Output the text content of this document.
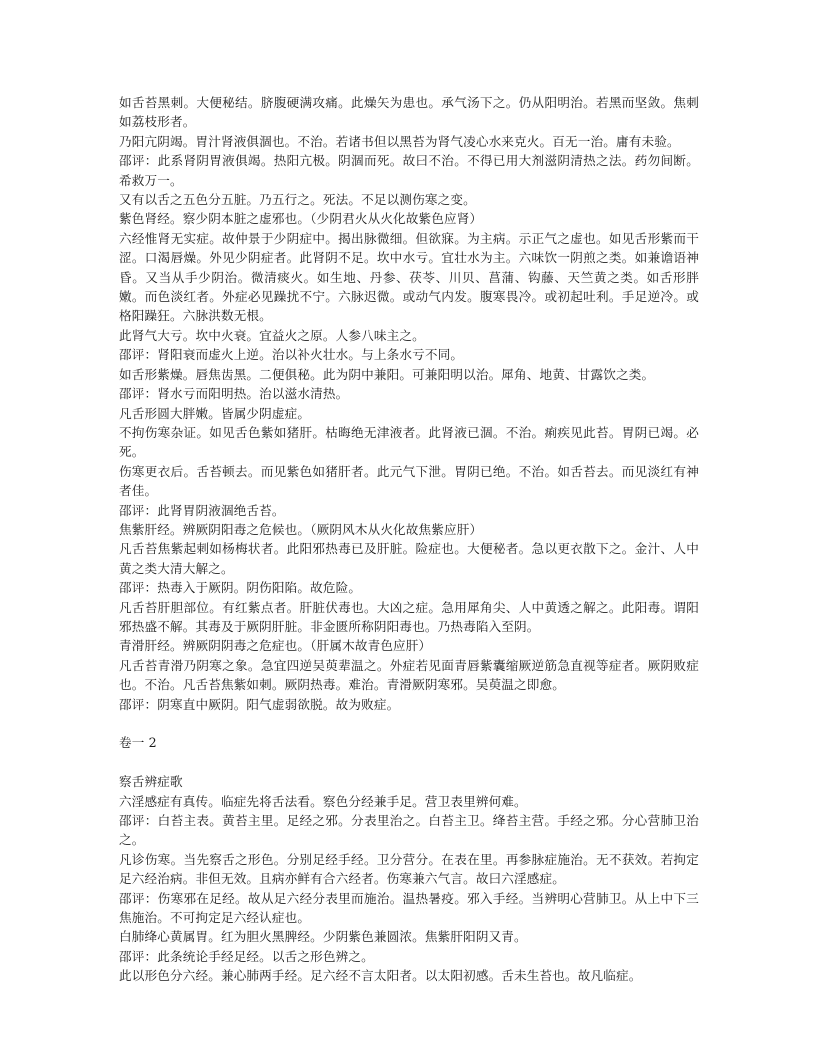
如舌苔黑刺。大便秘结。脐腹硬满攻痛。此燥矢为患也。承气汤下之。仍从阳明治。若黑而坚敛。焦刺如荔枝形者。

乃阳亢阴竭。胃汁肾液俱涸也。不治。若诸书但以黑苔为肾气凌心水来克火。百无一治。庸有未验。

邵评：此系肾阴胃液俱竭。热阳亢极。阴涸而死。故曰不治。不得已用大剂滋阴清热之法。药勿间断。希救万一。

又有以舌之五色分五脏。乃五行之。死法。不足以测伤寒之变。

紫色肾经。察少阴本脏之虚邪也。（少阴君火从火化故紫色应肾）

六经惟肾无实症。故仲景于少阴症中。揭出脉微细。但欲寐。为主病。示正气之虚也。如见舌形紫而干涩。口渴唇燥。外见少阴症者。此肾阴不足。坎中水亏。宜壮水为主。六味饮一阴煎之类。如兼谵语神昏。又当从手少阴治。微清痰火。如生地、丹参、茯苓、川贝、菖蒲、钩藤、天竺黄之类。如舌形胖嫩。而色淡红者。外症必见躁扰不宁。六脉迟微。或动气内发。腹寒畏冷。或初起吐利。手足逆冷。或格阳躁狂。六脉洪数无根。

此肾气大亏。坎中火衰。宜益火之原。人参八味主之。

邵评：肾阳衰而虚火上逆。治以补火壮水。与上条水亏不同。

如舌形紫燥。唇焦齿黑。二便俱秘。此为阴中兼阳。可兼阳明以治。犀角、地黄、甘露饮之类。

邵评：肾水亏而阳明热。治以滋水清热。

凡舌形圆大胖嫩。皆属少阴虚症。

不拘伤寒杂证。如见舌色紫如猪肝。枯晦绝无津液者。此肾液已涸。不治。痢疾见此苔。胃阴已竭。必死。

伤寒更衣后。舌苔顿去。而见紫色如猪肝者。此元气下泄。胃阴已绝。不治。如舌苔去。而见淡红有神者佳。

邵评：此肾胃阴液涸绝舌苔。

焦紫肝经。辨厥阴阳毒之危候也。（厥阴风木从火化故焦紫应肝）

凡舌苔焦紫起刺如杨梅状者。此阳邪热毒已及肝脏。险症也。大便秘者。急以更衣散下之。金汁、人中黄之类大清大解之。

邵评：热毒入于厥阴。阴伤阳陷。故危险。

凡舌苔肝胆部位。有红紫点者。肝脏伏毒也。大凶之症。急用犀角尖、人中黄透之解之。此阳毒。谓阳邪热盛不解。其毒及于厥阴肝脏。非金匮所称阴阳毒也。乃热毒陷入至阴。

青滑肝经。辨厥阴阴毒之危症也。（肝属木故青色应肝）

凡舌苔青滑乃阴寒之象。急宜四逆吴萸辈温之。外症若见面青唇紫囊缩厥逆筋急直视等症者。厥阴败症也。不治。凡舌苔焦紫如刺。厥阴热毒。难治。青滑厥阴寒邪。吴萸温之即愈。

邵评：阴寒直中厥阴。阳气虚弱欲脱。故为败症。

卷一 2

察舌辨症歌

六淫感症有真传。临症先将舌法看。察色分经兼手足。营卫表里辨何难。

邵评：白苔主表。黄苔主里。足经之邪。分表里治之。白苔主卫。绛苔主营。手经之邪。分心营肺卫治之。

凡诊伤寒。当先察舌之形色。分别足经手经。卫分营分。在表在里。再参脉症施治。无不获效。若拘定足六经治病。非但无效。且病亦鲜有合六经者。伤寒兼六气言。故曰六淫感症。

邵评：伤寒邪在足经。故从足六经分表里而施治。温热暑疫。邪入手经。当辨明心营肺卫。从上中下三焦施治。不可拘定足六经认症也。

白肺绛心黄属胃。红为胆火黑脾经。少阴紫色兼圆浓。焦紫肝阳阴又青。

邵评：此条统论手经足经。以舌之形色辨之。

此以形色分六经。兼心肺两手经。足六经不言太阳者。以太阳初感。舌未生苔也。故凡临症。
